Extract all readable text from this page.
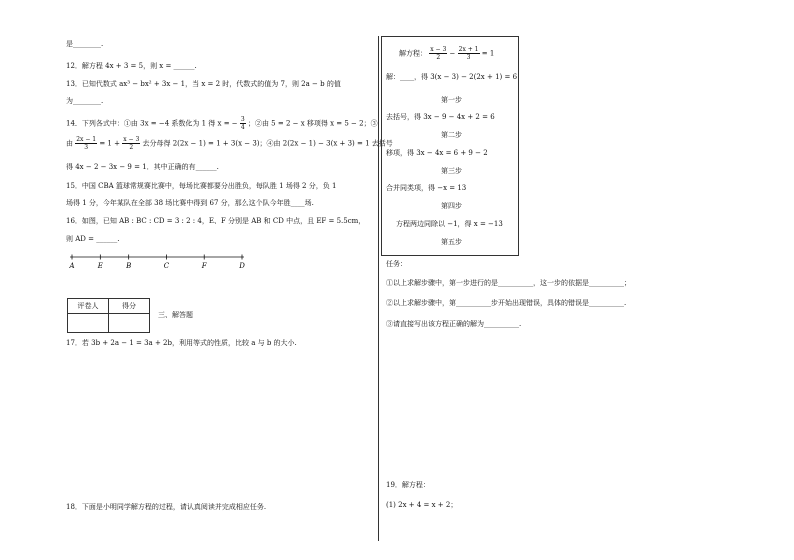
是________.
12．解方程 4x + 3 = 5，则 x = ______.
13．已知代数式 ax³ − bx² + 3x − 1，当 x = 2 时，代数式的值为 7，则 2a − b 的值
为________.
14．下列各式中：①由 3x = −4 系数化为 1 得 x = − $\frac{3}{4}$ ；②由 5 = 2 − x 移项得 x = 5 − 2；③
由 $\frac{2x - 1}{3} = 1 + \frac{x - 3}{2}$ 去分母得 2(2x − 1) = 1 + 3(x − 3)；④由 2(2x − 1) − 3(x + 3) = 1 去括号
得 4x − 2 − 3x − 9 = 1．其中正确的有______.
15．中国 CBA 篮球常规赛比赛中，每场比赛都要分出胜负，每队胜 1 场得 2 分，负 1
场得 1 分，今年某队在全部 38 场比赛中得到 67 分，那么这个队今年胜____场.
16．如图，已知 AB : BC : CD = 3 : 2 : 4，E、F 分别是 AB 和 CD 中点，且 EF = 5.5cm，
则 AD = ______.
A	E	B	C	F	D
评卷人	得分

三、解答题
17．若 3b + 2a − 1 = 3a + 2b，利用等式的性质，比较 a 与 b 的大小.
18．下面是小明同学解方程的过程，请认真阅读并完成相应任务.
解方程： $\frac{x - 3}{2} - \frac{2x + 1}{3} = 1$
解：____，得 3(x − 3) − 2(2x + 1) = 6
第一步
去括号，得 3x − 9 − 4x + 2 = 6
第二步
移项，得 3x − 4x = 6 + 9 − 2
第三步
合并同类项，得 −x = 13
第四步
方程两边同除以 −1，得 x = −13
第五步
任务：
①以上求解步骤中，第一步进行的是__________，这一步的依据是__________；
②以上求解步骤中，第__________步开始出现错误，具体的错误是__________.
③请直接写出该方程正确的解为__________.
19．解方程：
(1) 2x + 4 = x + 2；
